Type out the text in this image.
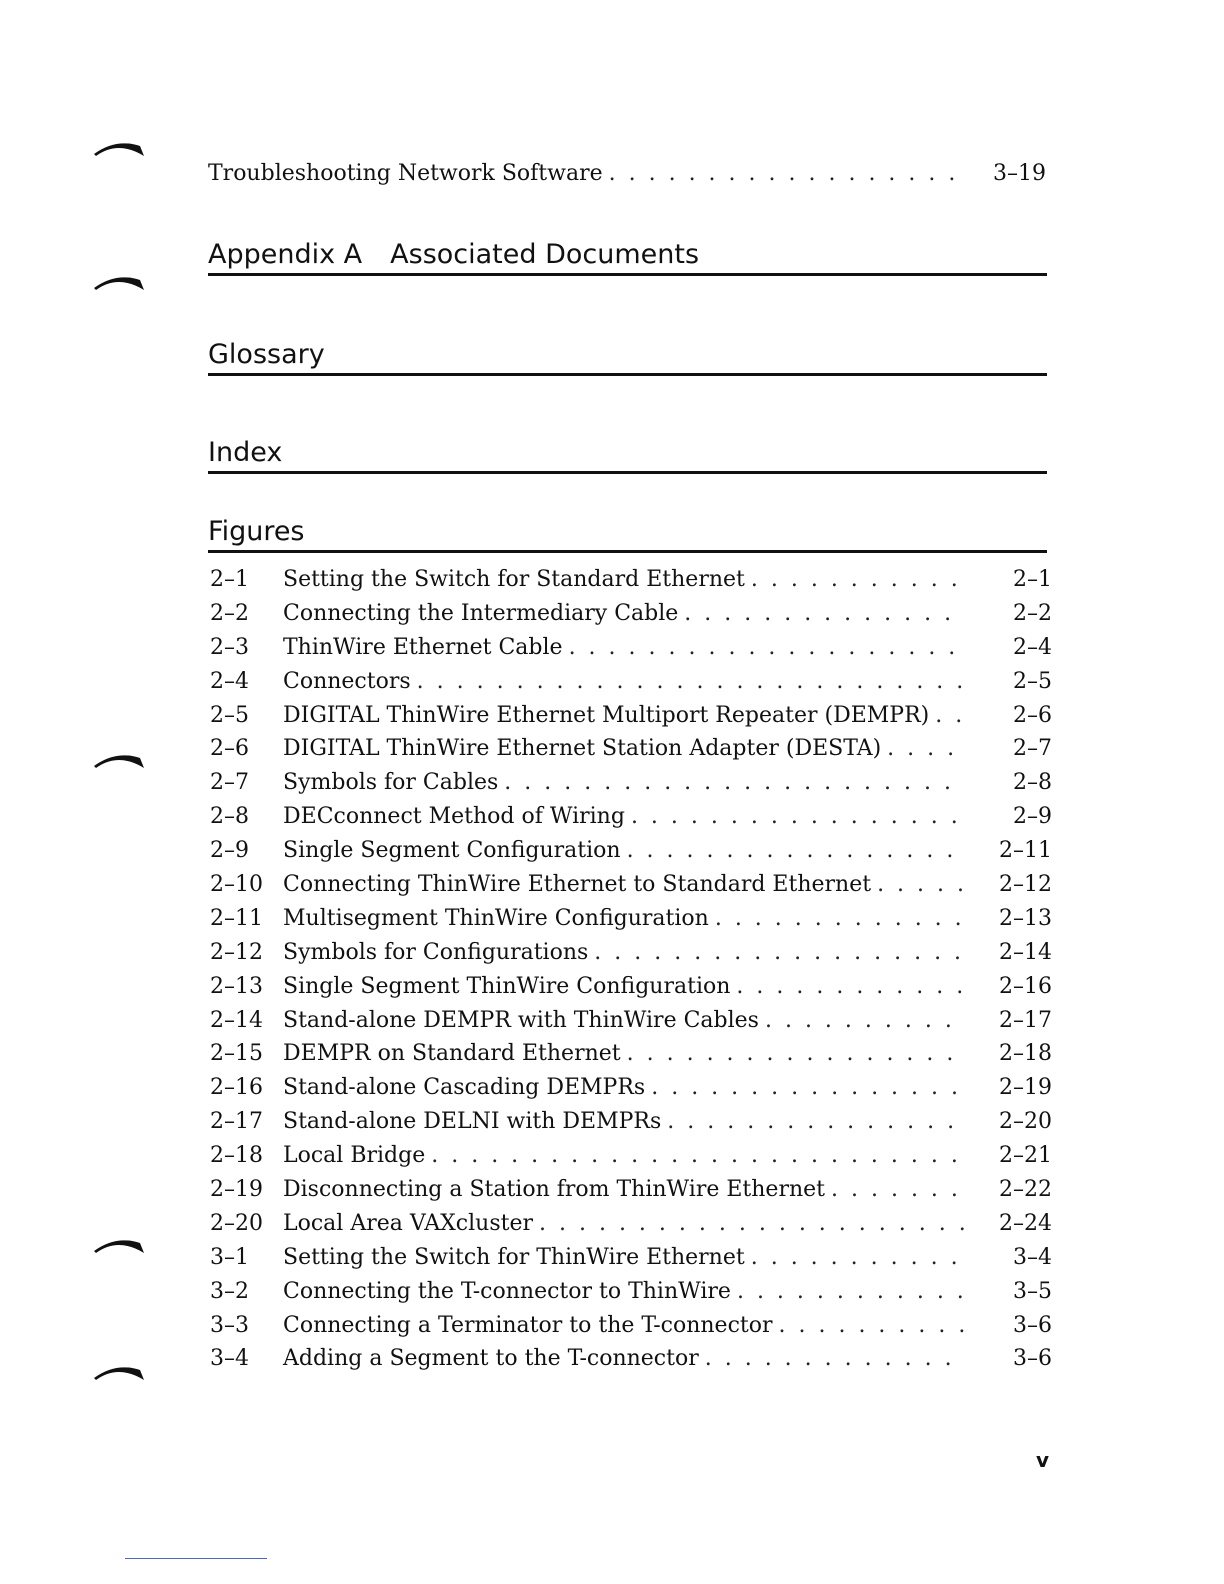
Troubleshooting Network Software . . .	3–19
Appendix A Associated Documents
Glossary
Index
Figures
2–1	Setting the Switch for Standard Ethernet . . .	2–1
2–2	Connecting the Intermediary Cable . . .	2–2
2–3	ThinWire Ethernet Cable . . .	2–4
2–4	Connectors . . .	2–5
2–5	DIGITAL ThinWire Ethernet Multiport Repeater (DEMPR) . . .	2–6
2–6	DIGITAL ThinWire Ethernet Station Adapter (DESTA) . . .	2–7
2–7	Symbols for Cables . . .	2–8
2–8	DECconnect Method of Wiring . . .	2–9
2–9	Single Segment Configuration . . .	2–11
2–10 Connecting ThinWire Ethernet to Standard Ethernet . . .	2–12
2–11 Multisegment ThinWire Configuration . . .	2–13
2–12 Symbols for Configurations . . .	2–14
2–13 Single Segment ThinWire Configuration . . .	2–16
2–14 Stand-alone DEMPR with ThinWire Cables . . .	2–17
2–15 DEMPR on Standard Ethernet . . .	2–18
2–16 Stand-alone Cascading DEMPRs . . .	2–19
2–17 Stand-alone DELNI with DEMPRs . . .	2–20
2–18 Local Bridge . . .	2–21
2–19 Disconnecting a Station from ThinWire Ethernet . . .	2–22
2–20 Local Area VAXcluster . . .	2–24
3–1	Setting the Switch for ThinWire Ethernet . . .	3–4
3–2	Connecting the T-connector to ThinWire . . .	3–5
3–3	Connecting a Terminator to the T-connector . . .	3–6
3–4	Adding a Segment to the T-connector . . .	3–6
v
